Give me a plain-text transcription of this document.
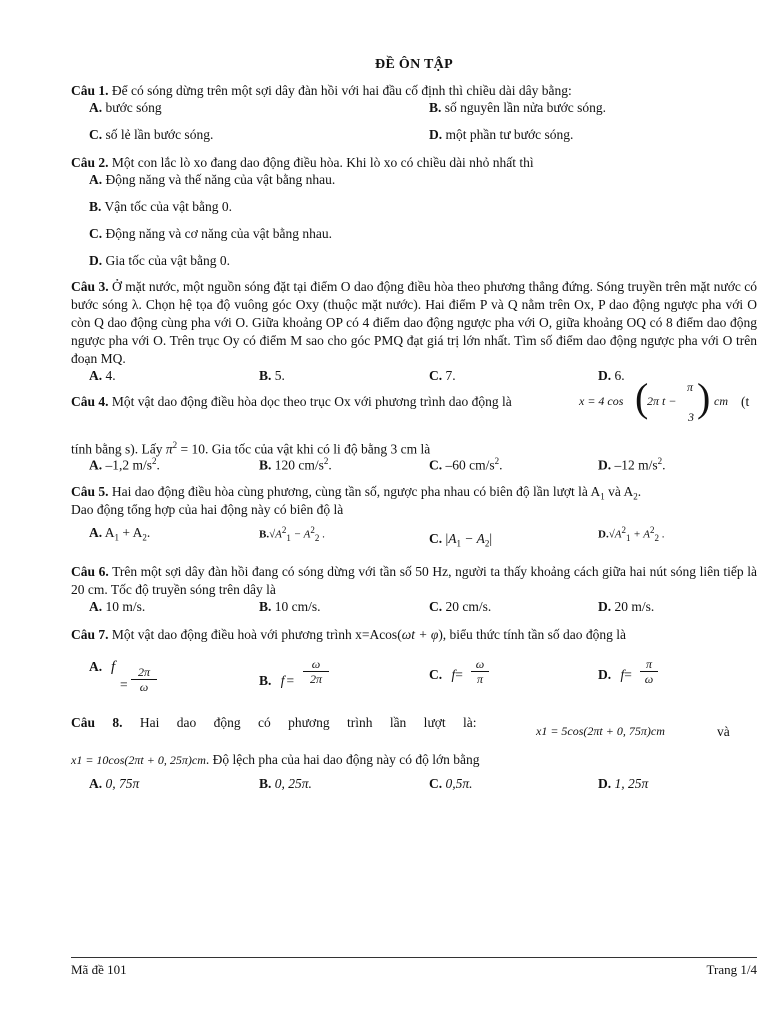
ĐỀ ÔN TẬP
Câu 1. Để có sóng dừng trên một sợi dây đàn hồi với hai đầu cố định thì chiều dài dây bằng:
A. bước sóng	B. số nguyên lần nửa bước sóng.
C. số lẻ lần bước sóng.	D. một phần tư bước sóng.
Câu 2. Một con lắc lò xo đang dao động điều hòa. Khi lò xo có chiều dài nhỏ nhất thì
A. Động năng và thế năng của vật bằng nhau.
B. Vận tốc của vật bằng 0.
C. Động năng và cơ năng của vật bằng nhau.
D. Gia tốc của vật bằng 0.
Câu 3. Ở mặt nước, một nguồn sóng đặt tại điểm O dao động điều hòa theo phương thẳng đứng. Sóng truyền trên mặt nước có bước sóng λ. Chọn hệ tọa độ vuông góc Oxy (thuộc mặt nước). Hai điểm P và Q nằm trên Ox, P dao động ngược pha với O còn Q dao động cùng pha với O. Giữa khoảng OP có 4 điểm dao động ngược pha với O, giữa khoảng OQ có 8 điểm dao động ngược pha với O. Trên trục Oy có điểm M sao cho góc PMQ đạt giá trị lớn nhất. Tìm số điểm dao động ngược pha với O trên đoạn MQ.
A. 4.	B. 5.	C. 7.	D. 6.
Câu 4. Một vật dao động điều hòa dọc theo trục Ox với phương trình dao động là	x = 4 cos (
2π t −
π
3 ) cm (t
tính bằng s). Lấy $\pi^2 = 10$. Gia tốc của vật khi có li độ bằng 3 cm là
A. –1,2 $m/s^2$.	B. 120 $cm/s^2$.	C. –60 $cm/s^2$.	D. –12 $m/s^2$.
Câu 5. Hai dao động điều hòa cùng phương, cùng tần số, ngược pha nhau có biên độ lần lượt là $A_1$ và $A_2$.
Dao động tổng hợp của hai động này có biên độ là
A. $A_1 + A_2$.	$B.√A^2_1 - A^2_2$ .	C. $|A_1 - A_2|$	$D.√A^2_1 + A^2_2$ .
Câu 6. Trên một sợi dây đàn hồi đang có sóng dừng với tần số 50 Hz, người ta thấy khoảng cách giữa hai nút sóng liên tiếp là 20 cm. Tốc độ truyền sóng trên dây là
A. 10 m/s.	B. 10 cm/s.	C. 20 cm/s.	D. 20 m/s.
Câu 7. Một vật dao động điều hoà với phương trình x=Acos(ωt + φ), biểu thức tính tần số dao động là
A. f
= $\frac{2\pi}{\omega}$	B. $f = \frac{\omega}{2\pi}$	C. $f= \frac{\omega}{\pi}$	D. $f= \frac{\pi}{\omega}$
Câu 8. Hai dao động có phương trình lần lượt là:
x1 = 5cos(2πt + 0, 75π)cm	và
x1 = 10cos(2πt + 0, 25π)cm. Độ lệch pha của hai dao động này có độ lớn bằng
A. 0, 75π	B. 0, 25π.	C. 0,5π.	D. 1, 25π
Mã đề 101	Trang 1/4
